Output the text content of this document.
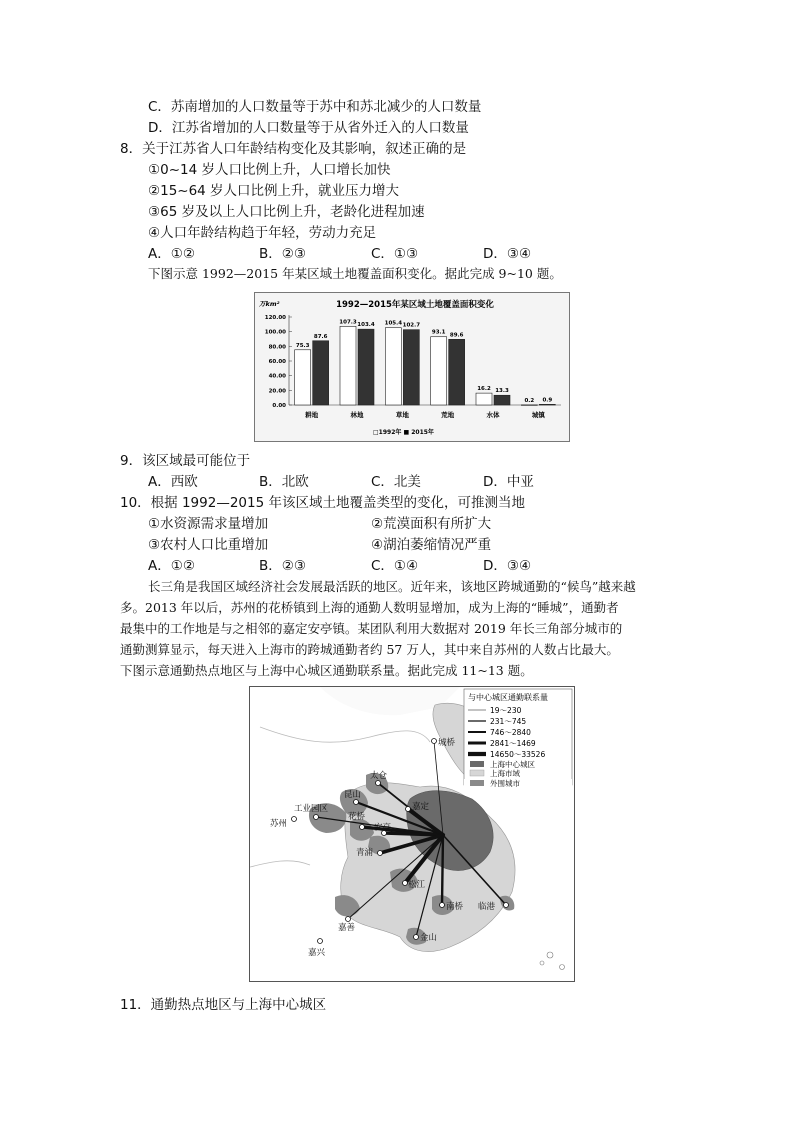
C．苏南增加的人口数量等于苏中和苏北减少的人口数量
D．江苏省增加的人口数量等于从省外迁入的人口数量
8．关于江苏省人口年龄结构变化及其影响，叙述正确的是
①0~14 岁人口比例上升，人口增长加快
②15~64 岁人口比例上升，就业压力增大
③65 岁及以上人口比例上升，老龄化进程加速
④人口年龄结构趋于年轻，劳动力充足
A．①②	B．②③	C．①③	D．③④
下图示意 1992—2015 年某区域土地覆盖面积变化。据此完成 9~10 题。
1992—2015年某区域土地覆盖面积变化
万km²
0.00
20.00
40.00
60.00
80.00
100.00
120.00
75.3
87.6
耕地
107.3 103.4
林地
105.4 102.7
草地
93.1 89.6
荒地
16.2 13.3
水体
0.2 0.9
城镇
□1992年 ■ 2015年
9．该区域最可能位于
A．西欧	B．北欧	C．北美	D．中亚
10．根据 1992—2015 年该区域土地覆盖类型的变化，可推测当地
①水资源需求量增加	②荒漠面积有所扩大
③农村人口比重增加	④湖泊萎缩情况严重
A．①②	B．②③	C．①④	D．③④
长三角是我国区域经济社会发展最活跃的地区。近年来，该地区跨城通勤的“候鸟”越来越
多。2013 年以后，苏州的花桥镇到上海的通勤人数明显增加，成为上海的“睡城”，通勤者
最集中的工作地是与之相邻的嘉定安亭镇。某团队利用大数据对 2019 年长三角部分城市的
通勤测算显示，每天进入上海市的跨城通勤者约 57 万人，其中来自苏州的人数占比最大。
下图示意通勤热点地区与上海中心城区通勤联系量。据此完成 11~13 题。
苏州
工业园区
昆山
太仓
嘉定
花桥
安亭
青浦
松江
南桥 临港
嘉善
金山
嘉兴
城桥
与中心城区通勤联系量
19～230
231～745
746～2840
2841～1469
14650～33526
上海中心城区
上海市域
外围城市
11．通勤热点地区与上海中心城区
